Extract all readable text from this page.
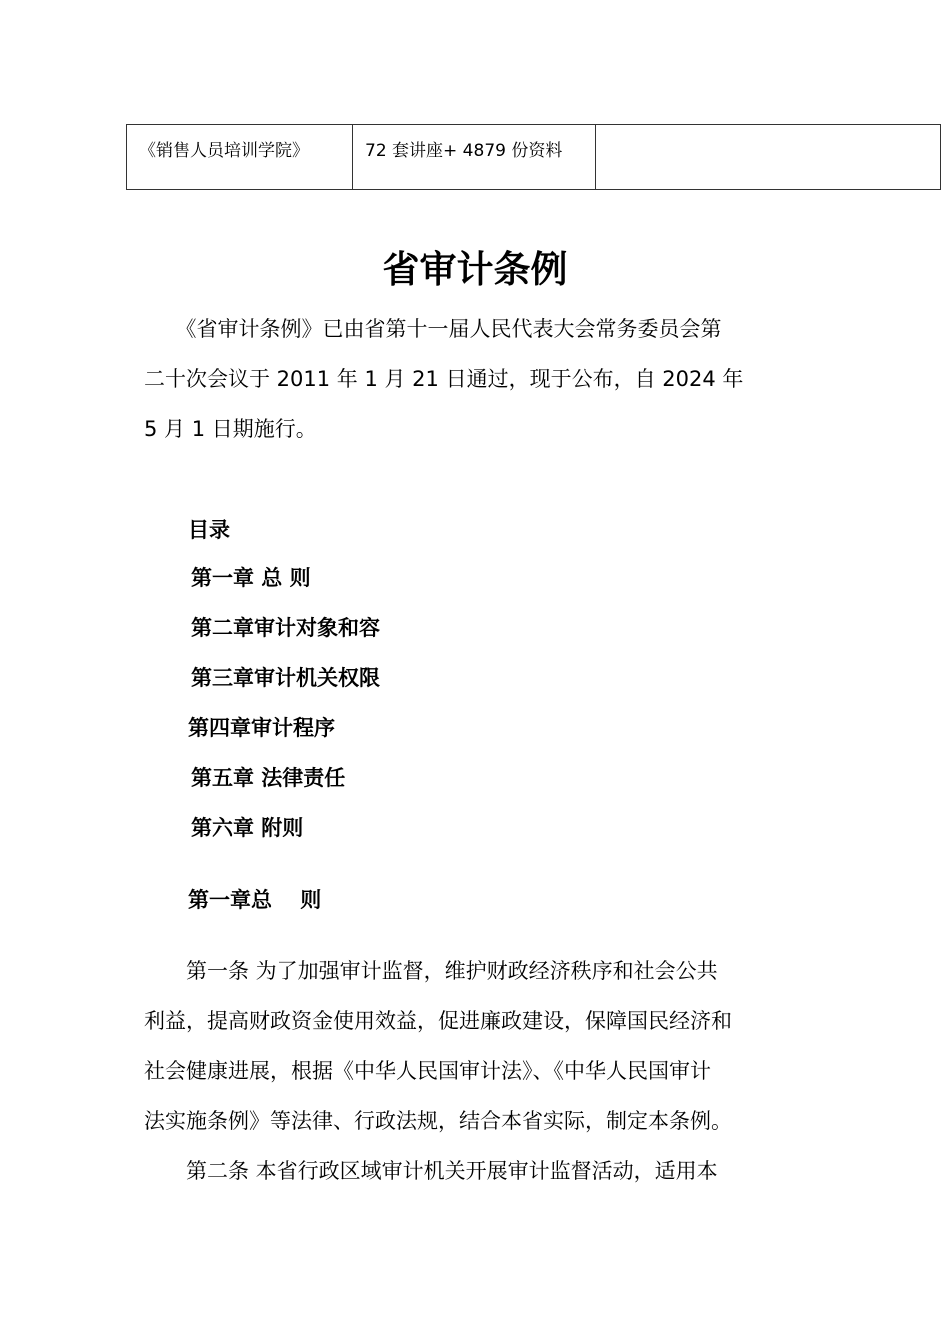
《销售人员培训学院》	72 套讲座+ 4879 份资料	
省审计条例
　　《省审计条例》已由省第十一届人民代表大会常务委员会第
二十次会议于 2011 年 1 月 21 日通过，现于公布，自 2024 年
5 月 1 日期施行。
目录
第一章 总 则
第二章审计对象和容
第三章审计机关权限
第四章审计程序
第五章 法律责任
第六章 附则
第一章总　 则
　　第一条 为了加强审计监督，维护财政经济秩序和社会公共
利益，提高财政资金使用效益，促进廉政建设，保障国民经济和
社会健康进展，根据《中华人民国审计法》、《中华人民国审计
法实施条例》等法律、行政法规，结合本省实际，制定本条例。
　　第二条 本省行政区域审计机关开展审计监督活动，适用本
